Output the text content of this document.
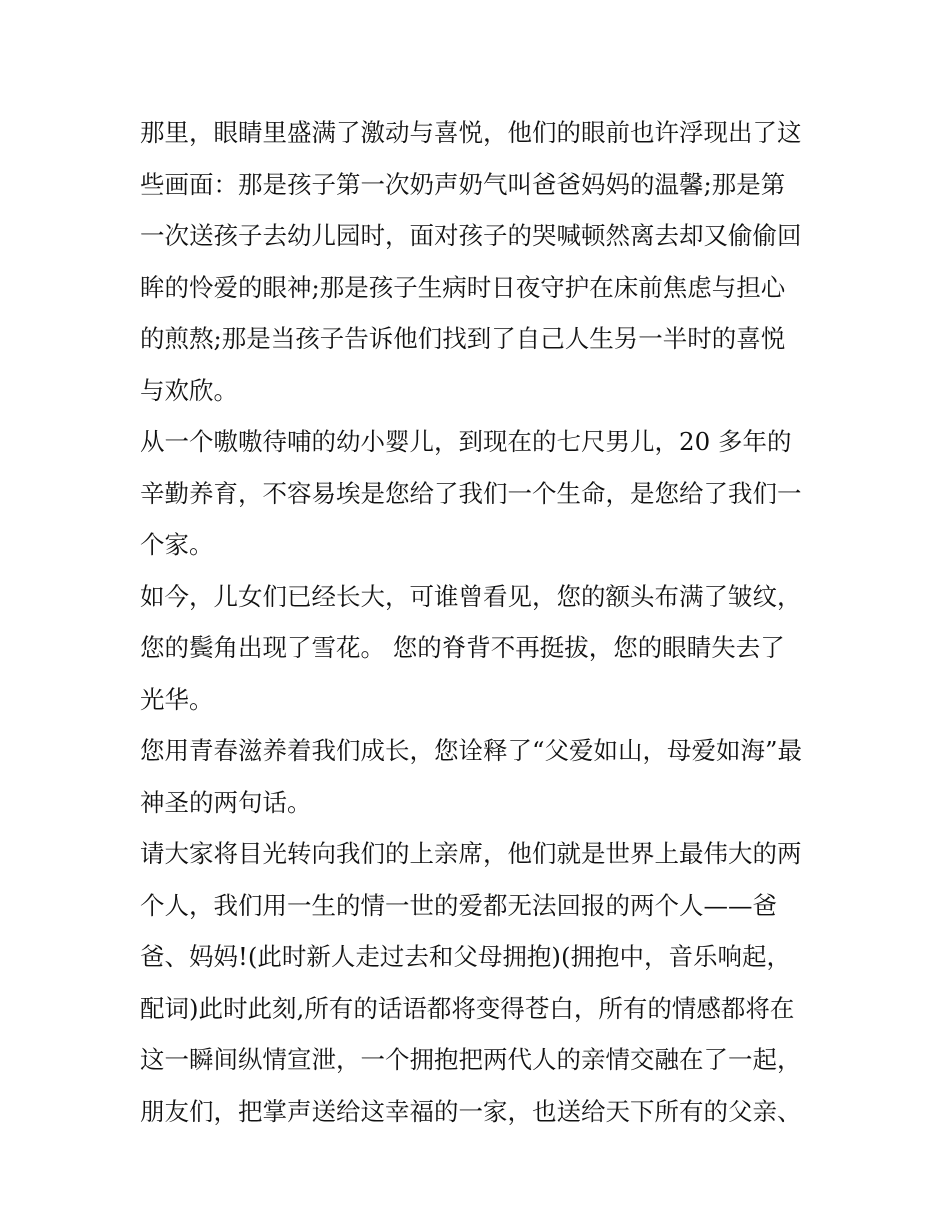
那里，眼睛里盛满了激动与喜悦，他们的眼前也许浮现出了这
些画面：那是孩子第一次奶声奶气叫爸爸妈妈的温馨;那是第
一次送孩子去幼儿园时，面对孩子的哭喊顿然离去却又偷偷回
眸的怜爱的眼神;那是孩子生病时日夜守护在床前焦虑与担心
的煎熬;那是当孩子告诉他们找到了自己人生另一半时的喜悦
与欢欣。
从一个嗷嗷待哺的幼小婴儿，到现在的七尺男儿，20 多年的
辛勤养育，不容易埃是您给了我们一个生命，是您给了我们一
个家。
如今，儿女们已经长大，可谁曾看见，您的额头布满了皱纹，
您的鬓角出现了雪花。 您的脊背不再挺拔，您的眼睛失去了
光华。
您用青春滋养着我们成长，您诠释了“父爱如山，母爱如海”最
神圣的两句话。
请大家将目光转向我们的上亲席，他们就是世界上最伟大的两
个人，我们用一生的情一世的爱都无法回报的两个人——爸
爸、妈妈!(此时新人走过去和父母拥抱)(拥抱中，音乐响起，
配词)此时此刻,所有的话语都将变得苍白，所有的情感都将在
这一瞬间纵情宣泄，一个拥抱把两代人的亲情交融在了一起，
朋友们，把掌声送给这幸福的一家，也送给天下所有的父亲、
